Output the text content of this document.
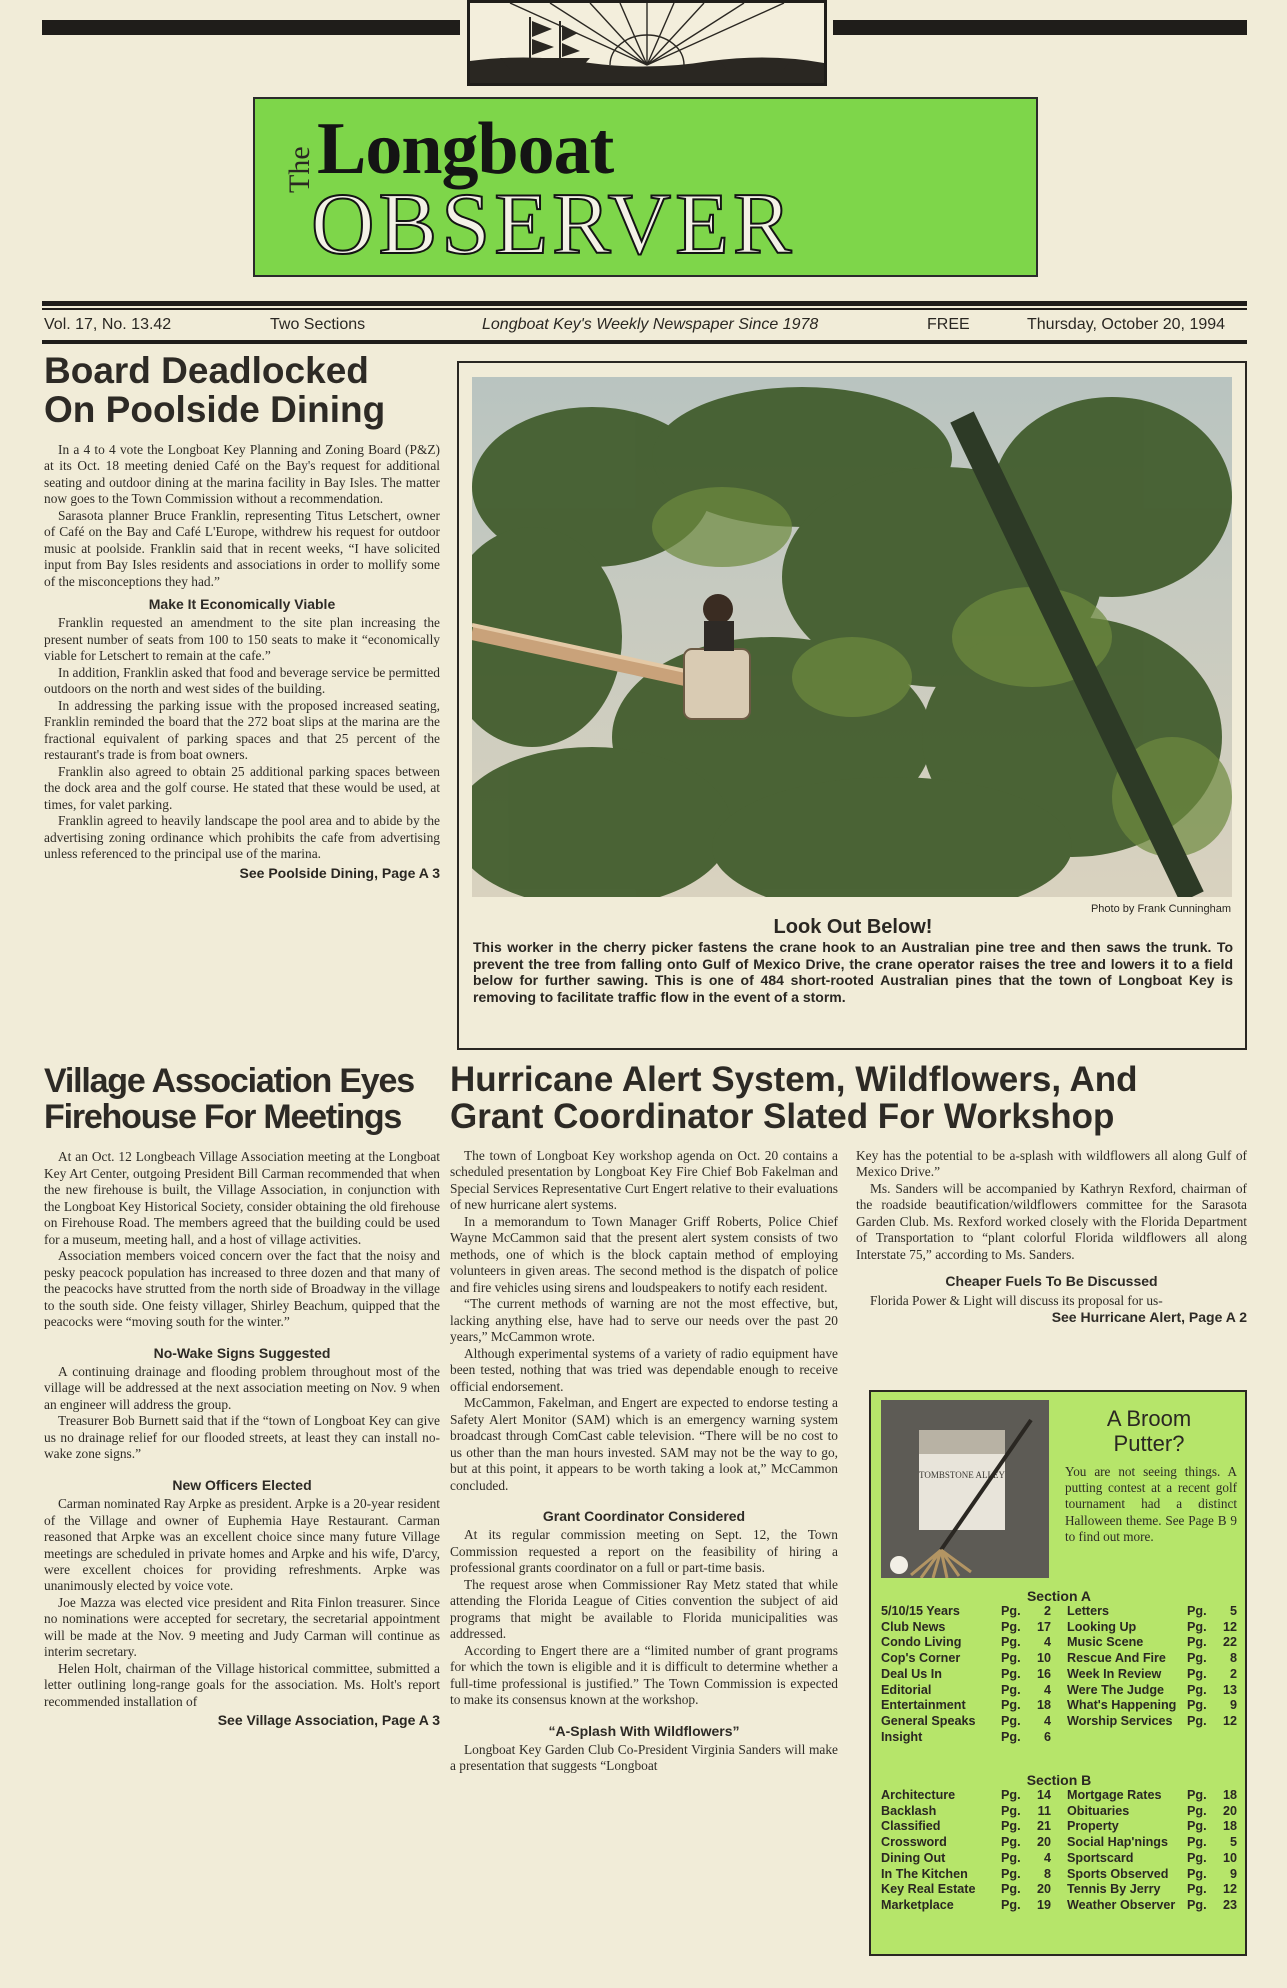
The Longboat
OBSERVER
Vol. 17, No. 13.42	Two Sections	Longboat Key's Weekly Newspaper Since 1978	FREE	Thursday, October 20, 1994
Board Deadlocked
On Poolside Dining

In a 4 to 4 vote the Longboat Key Planning and Zoning Board (P&Z) at its Oct. 18 meeting denied Café on the Bay's request for additional seating and outdoor dining at the marina facility in Bay Isles. The matter now goes to the Town Commission without a recommendation.

Sarasota planner Bruce Franklin, representing Titus Letschert, owner of Café on the Bay and Café L'Europe, withdrew his request for outdoor music at poolside. Franklin said that in recent weeks, “I have solicited input from Bay Isles residents and associations in order to mollify some of the misconceptions they had.”

Make It Economically Viable

Franklin requested an amendment to the site plan increasing the present number of seats from 100 to 150 seats to make it “economically viable for Letschert to remain at the cafe.”

In addition, Franklin asked that food and beverage service be permitted outdoors on the north and west sides of the building.

In addressing the parking issue with the proposed increased seating, Franklin reminded the board that the 272 boat slips at the marina are the fractional equivalent of parking spaces and that 25 percent of the restaurant's trade is from boat owners.

Franklin also agreed to obtain 25 additional parking spaces between the dock area and the golf course. He stated that these would be used, at times, for valet parking.

Franklin agreed to heavily landscape the pool area and to abide by the advertising zoning ordinance which prohibits the cafe from advertising unless referenced to the principal use of the marina.

See Poolside Dining, Page A 3
Photo by Frank Cunningham
Look Out Below!
This worker in the cherry picker fastens the crane hook to an Australian pine tree and then saws the trunk. To prevent the tree from falling onto Gulf of Mexico Drive, the crane operator raises the tree and lowers it to a field below for further sawing. This is one of 484 short-rooted Australian pines that the town of Longboat Key is removing to facilitate traffic flow in the event of a storm.
Village Association Eyes
Firehouse For Meetings

At an Oct. 12 Longbeach Village Association meeting at the Longboat Key Art Center, outgoing President Bill Carman recommended that when the new firehouse is built, the Village Association, in conjunction with the Longboat Key Historical Society, consider obtaining the old firehouse on Firehouse Road. The members agreed that the building could be used for a museum, meeting hall, and a host of village activities.

Association members voiced concern over the fact that the noisy and pesky peacock population has increased to three dozen and that many of the peacocks have strutted from the north side of Broadway in the village to the south side. One feisty villager, Shirley Beachum, quipped that the peacocks were “moving south for the winter.”

No-Wake Signs Suggested

A continuing drainage and flooding problem throughout most of the village will be addressed at the next association meeting on Nov. 9 when an engineer will address the group.

Treasurer Bob Burnett said that if the “town of Longboat Key can give us no drainage relief for our flooded streets, at least they can install no-wake zone signs.”

New Officers Elected

Carman nominated Ray Arpke as president. Arpke is a 20-year resident of the Village and owner of Euphemia Haye Restaurant. Carman reasoned that Arpke was an excellent choice since many future Village meetings are scheduled in private homes and Arpke and his wife, D'arcy, were excellent choices for providing refreshments. Arpke was unanimously elected by voice vote.

Joe Mazza was elected vice president and Rita Finlon treasurer. Since no nominations were accepted for secretary, the secretarial appointment will be made at the Nov. 9 meeting and Judy Carman will continue as interim secretary.

Helen Holt, chairman of the Village historical committee, submitted a letter outlining long-range goals for the association. Ms. Holt's report recommended installation of

See Village Association, Page A 3
Hurricane Alert System, Wildflowers, And
Grant Coordinator Slated For Workshop

The town of Longboat Key workshop agenda on Oct. 20 contains a scheduled presentation by Longboat Key Fire Chief Bob Fakelman and Special Services Representative Curt Engert relative to their evaluations of new hurricane alert systems.

In a memorandum to Town Manager Griff Roberts, Police Chief Wayne McCammon said that the present alert system consists of two methods, one of which is the block captain method of employing volunteers in given areas. The second method is the dispatch of police and fire vehicles using sirens and loudspeakers to notify each resident.

“The current methods of warning are not the most effective, but, lacking anything else, have had to serve our needs over the past 20 years,” McCammon wrote.

Although experimental systems of a variety of radio equipment have been tested, nothing that was tried was dependable enough to receive official endorsement.

McCammon, Fakelman, and Engert are expected to endorse testing a Safety Alert Monitor (SAM) which is an emergency warning system broadcast through ComCast cable television. “There will be no cost to us other than the man hours invested. SAM may not be the way to go, but at this point, it appears to be worth taking a look at,” McCammon concluded.

Grant Coordinator Considered

At its regular commission meeting on Sept. 12, the Town Commission requested a report on the feasibility of hiring a professional grants coordinator on a full or part-time basis.

The request arose when Commissioner Ray Metz stated that while attending the Florida League of Cities convention the subject of aid programs that might be available to Florida municipalities was addressed.

According to Engert there are a “limited number of grant programs for which the town is eligible and it is difficult to determine whether a full-time professional is justified.” The Town Commission is expected to make its consensus known at the workshop.

“A-Splash With Wildflowers”

Longboat Key Garden Club Co-President Virginia Sanders will make a presentation that suggests “Longboat

Key has the potential to be a-splash with wildflowers all along Gulf of Mexico Drive.”

Ms. Sanders will be accompanied by Kathryn Rexford, chairman of the roadside beautification/wildflowers committee for the Sarasota Garden Club. Ms. Rexford worked closely with the Florida Department of Transportation to “plant colorful Florida wildflowers all along Interstate 75,” according to Ms. Sanders.

Cheaper Fuels To Be Discussed

Florida Power & Light will discuss its proposal for us-

See Hurricane Alert, Page A 2
TOMBSTONE ALLEY
A Broom
Putter?
You are not seeing things. A putting contest at a recent golf tournament had a distinct Halloween theme. See Page B 9 to find out more.
Section A
5/10/15 Years	Pg.	2
Club News	Pg.	17
Condo Living	Pg.	4
Cop's Corner	Pg.	10
Deal Us In	Pg.	16
Editorial	Pg.	4
Entertainment	Pg.	18
General Speaks	Pg.	4
Insight	Pg.	6
Letters	Pg.	5
Looking Up	Pg.	12
Music Scene	Pg.	22
Rescue And Fire	Pg.	8
Week In Review	Pg.	2
Were The Judge	Pg.	13
What's Happening Pg.	9
Worship Services	Pg.	12
Section B
Architecture	Pg.	14
Backlash	Pg.	11
Classified	Pg.	21
Crossword	Pg.	20
Dining Out	Pg.	4
In The Kitchen	Pg.	8
Key Real Estate	Pg.	20
Marketplace	Pg.	19
Mortgage Rates	Pg.	18
Obituaries	Pg.	20
Property	Pg.	18
Social Hap'nings	Pg.	5
Sportscard	Pg.	10
Sports Observed	Pg.	9
Tennis By Jerry	Pg.	12
Weather Observer Pg.	23
